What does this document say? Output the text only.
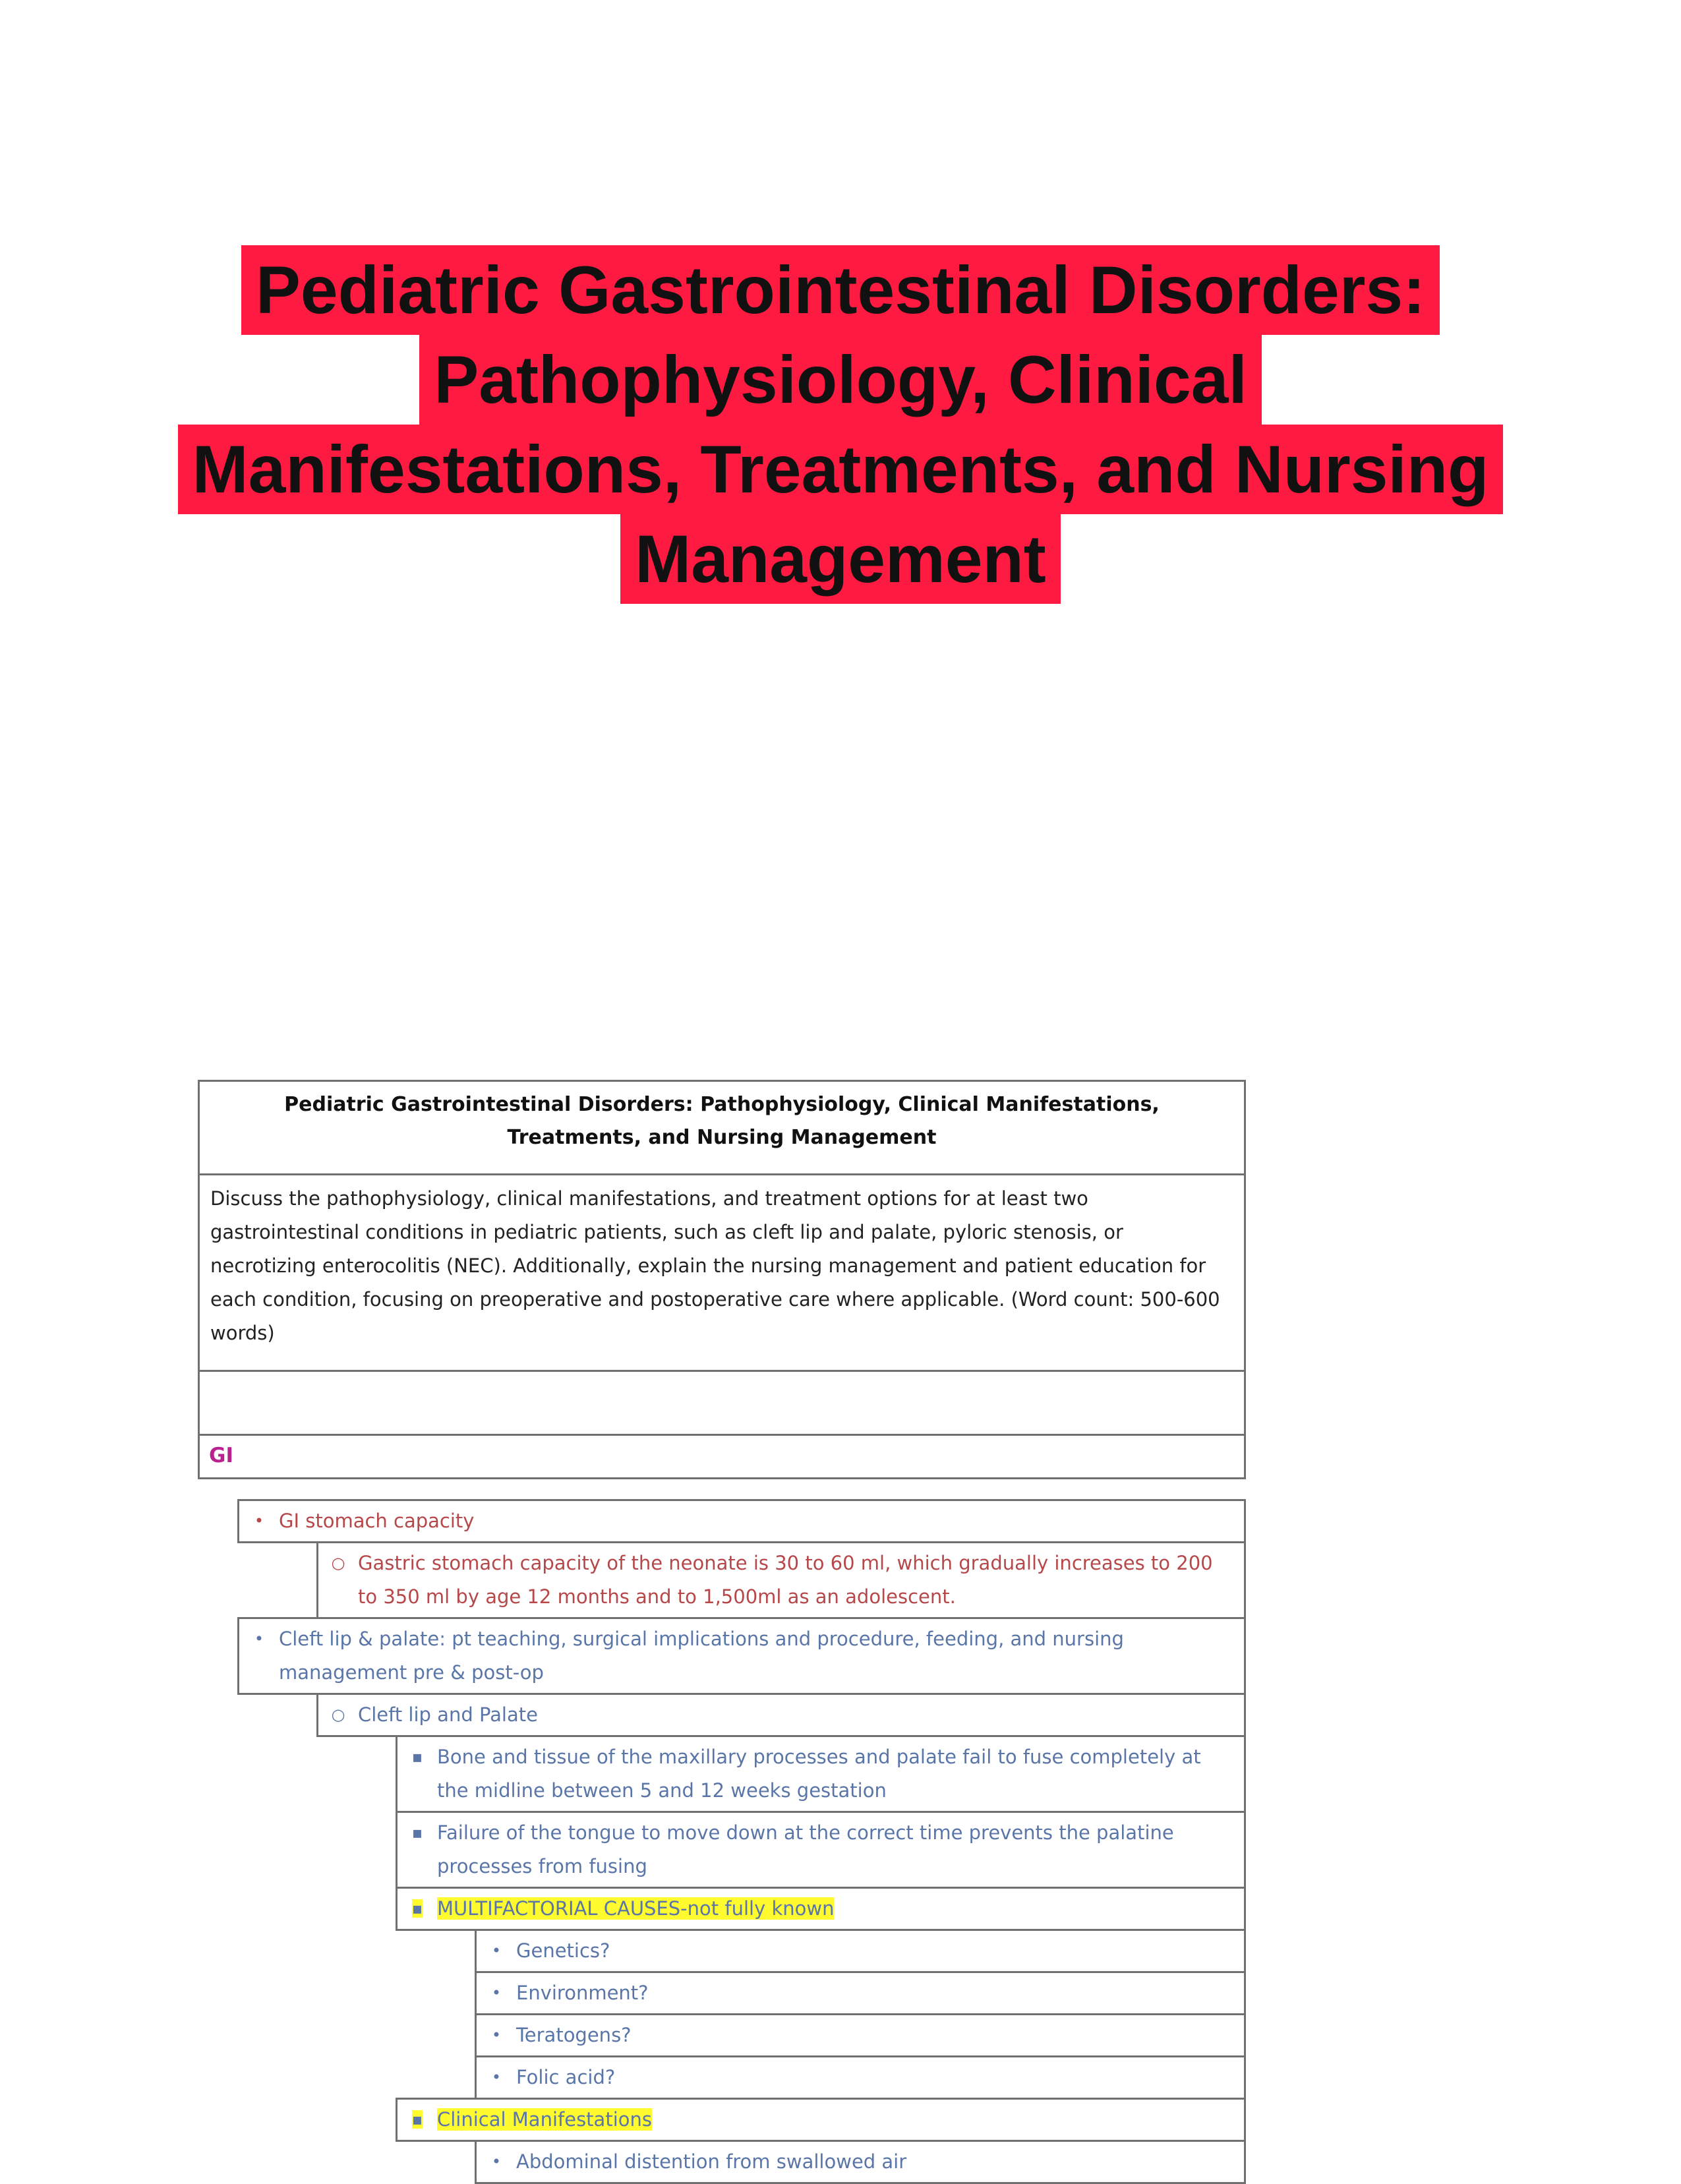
Pediatric Gastrointestinal Disorders:
Pathophysiology, Clinical
Manifestations, Treatments, and Nursing
Management
Pediatric Gastrointestinal Disorders: Pathophysiology, Clinical Manifestations, Treatments, and Nursing Management
Discuss the pathophysiology, clinical manifestations, and treatment options for at least two gastrointestinal conditions in pediatric patients, such as cleft lip and palate, pyloric stenosis, or necrotizing enterocolitis (NEC). Additionally, explain the nursing management and patient education for each condition, focusing on preoperative and postoperative care where applicable. (Word count: 500-600 words)
GI
• GI stomach capacity
○ Gastric stomach capacity of the neonate is 30 to 60 ml, which gradually increases to 200 to 350 ml by age 12 months and to 1,500ml as an adolescent.
• Cleft lip & palate: pt teaching, surgical implications and procedure, feeding, and nursing management pre & post-op
○ Cleft lip and Palate
▪ Bone and tissue of the maxillary processes and palate fail to fuse completely at the midline between 5 and 12 weeks gestation
▪ Failure of the tongue to move down at the correct time prevents the palatine processes from fusing
▪ MULTIFACTORIAL CAUSES-not fully known
• Genetics?
• Environment?
• Teratogens?
• Folic acid?
▪ Clinical Manifestations
• Abdominal distention from swallowed air
